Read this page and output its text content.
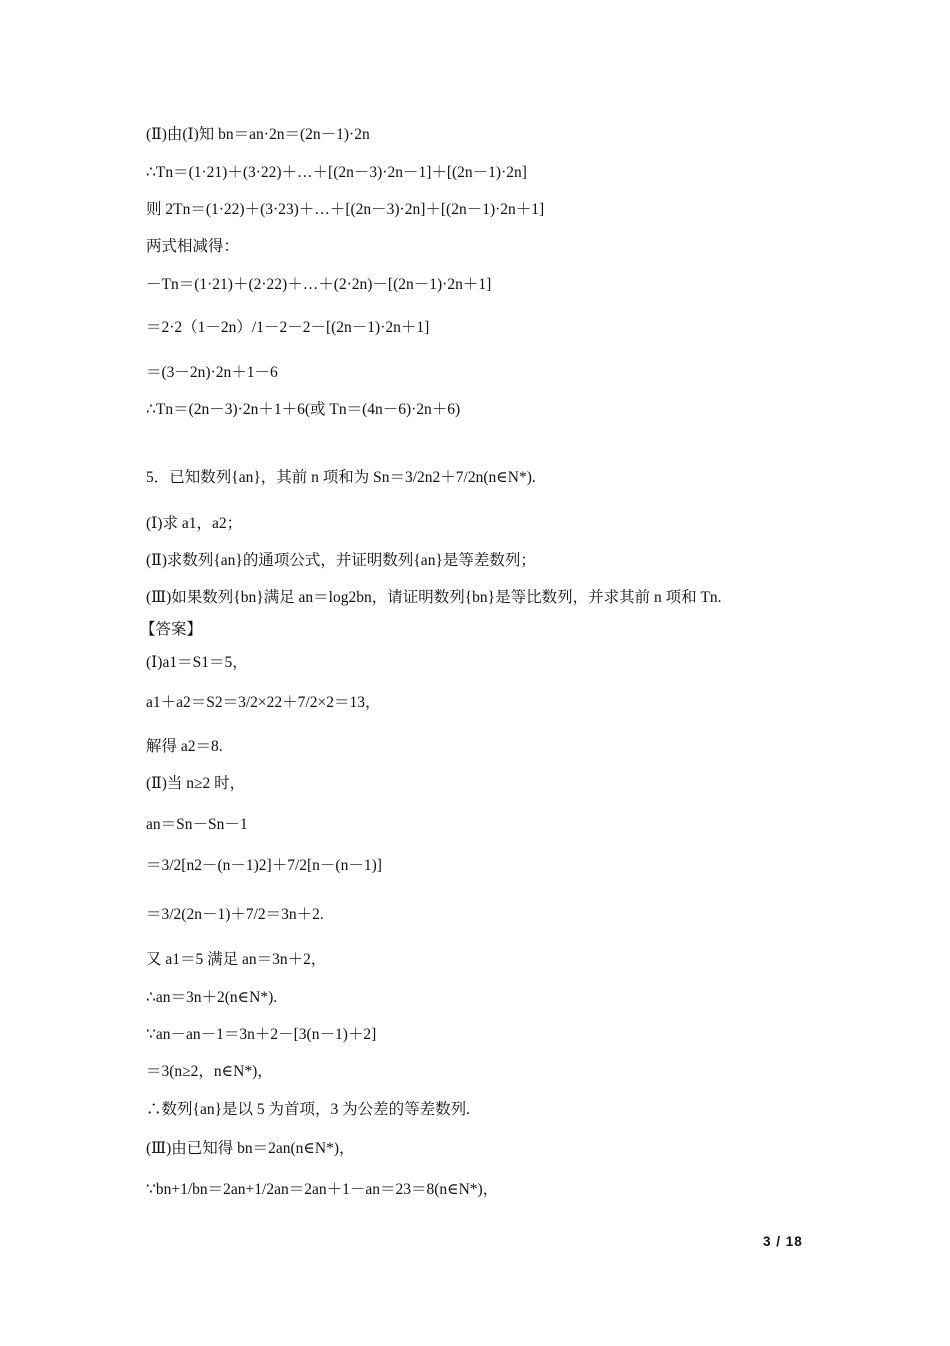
(Ⅱ)由(Ⅰ)知 bn＝an·2n＝(2n－1)·2n
∴Tn＝(1·21)＋(3·22)＋…＋[(2n－3)·2n－1]＋[(2n－1)·2n]
则 2Tn＝(1·22)＋(3·23)＋…＋[(2n－3)·2n]＋[(2n－1)·2n＋1]
两式相减得：
－Tn＝(1·21)＋(2·22)＋…＋(2·2n)－[(2n－1)·2n＋1]
＝2·2（1－2n）/1－2－2－[(2n－1)·2n＋1]
＝(3－2n)·2n＋1－6
∴Tn＝(2n－3)·2n＋1＋6(或 Tn＝(4n－6)·2n＋6)
5．已知数列{an}，其前 n 项和为 Sn＝3/2n2＋7/2n(n∈N*).
(Ⅰ)求 a1，a2；
(Ⅱ)求数列{an}的通项公式，并证明数列{an}是等差数列；
(Ⅲ)如果数列{bn}满足 an＝log2bn，请证明数列{bn}是等比数列，并求其前 n 项和 Tn.
【答案】
(Ⅰ)a1＝S1＝5，
a1＋a2＝S2＝3/2×22＋7/2×2＝13，
解得 a2＝8.
(Ⅱ)当 n≥2 时，
an＝Sn－Sn－1
＝3/2[n2－(n－1)2]＋7/2[n－(n－1)]
＝3/2(2n－1)＋7/2＝3n＋2.
又 a1＝5 满足 an＝3n＋2，
∴an＝3n＋2(n∈N*).
∵an－an－1＝3n＋2－[3(n－1)＋2]
＝3(n≥2，n∈N*)，
∴数列{an}是以 5 为首项，3 为公差的等差数列.
(Ⅲ)由已知得 bn＝2an(n∈N*)，
∵bn+1/bn＝2an+1/2an＝2an＋1－an＝23＝8(n∈N*)，
3 / 18
